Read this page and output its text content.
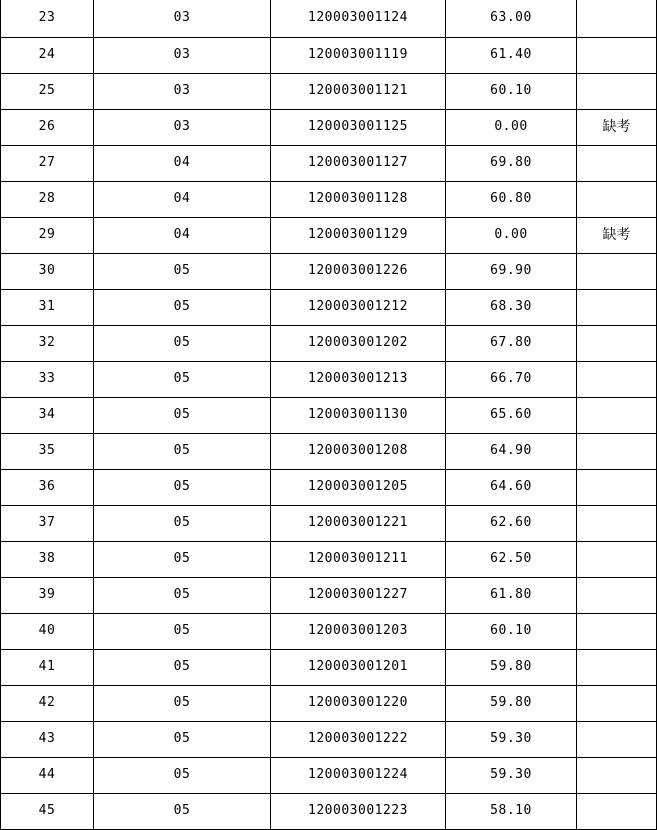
23	03	120003001124	63.00	
24	03	120003001119	61.40	
25	03	120003001121	60.10	
26	03	120003001125	0.00	缺考
27	04	120003001127	69.80	
28	04	120003001128	60.80	
29	04	120003001129	0.00	缺考
30	05	120003001226	69.90	
31	05	120003001212	68.30	
32	05	120003001202	67.80	
33	05	120003001213	66.70	
34	05	120003001130	65.60	
35	05	120003001208	64.90	
36	05	120003001205	64.60	
37	05	120003001221	62.60	
38	05	120003001211	62.50	
39	05	120003001227	61.80	
40	05	120003001203	60.10	
41	05	120003001201	59.80	
42	05	120003001220	59.80	
43	05	120003001222	59.30	
44	05	120003001224	59.30	
45	05	120003001223	58.10	
